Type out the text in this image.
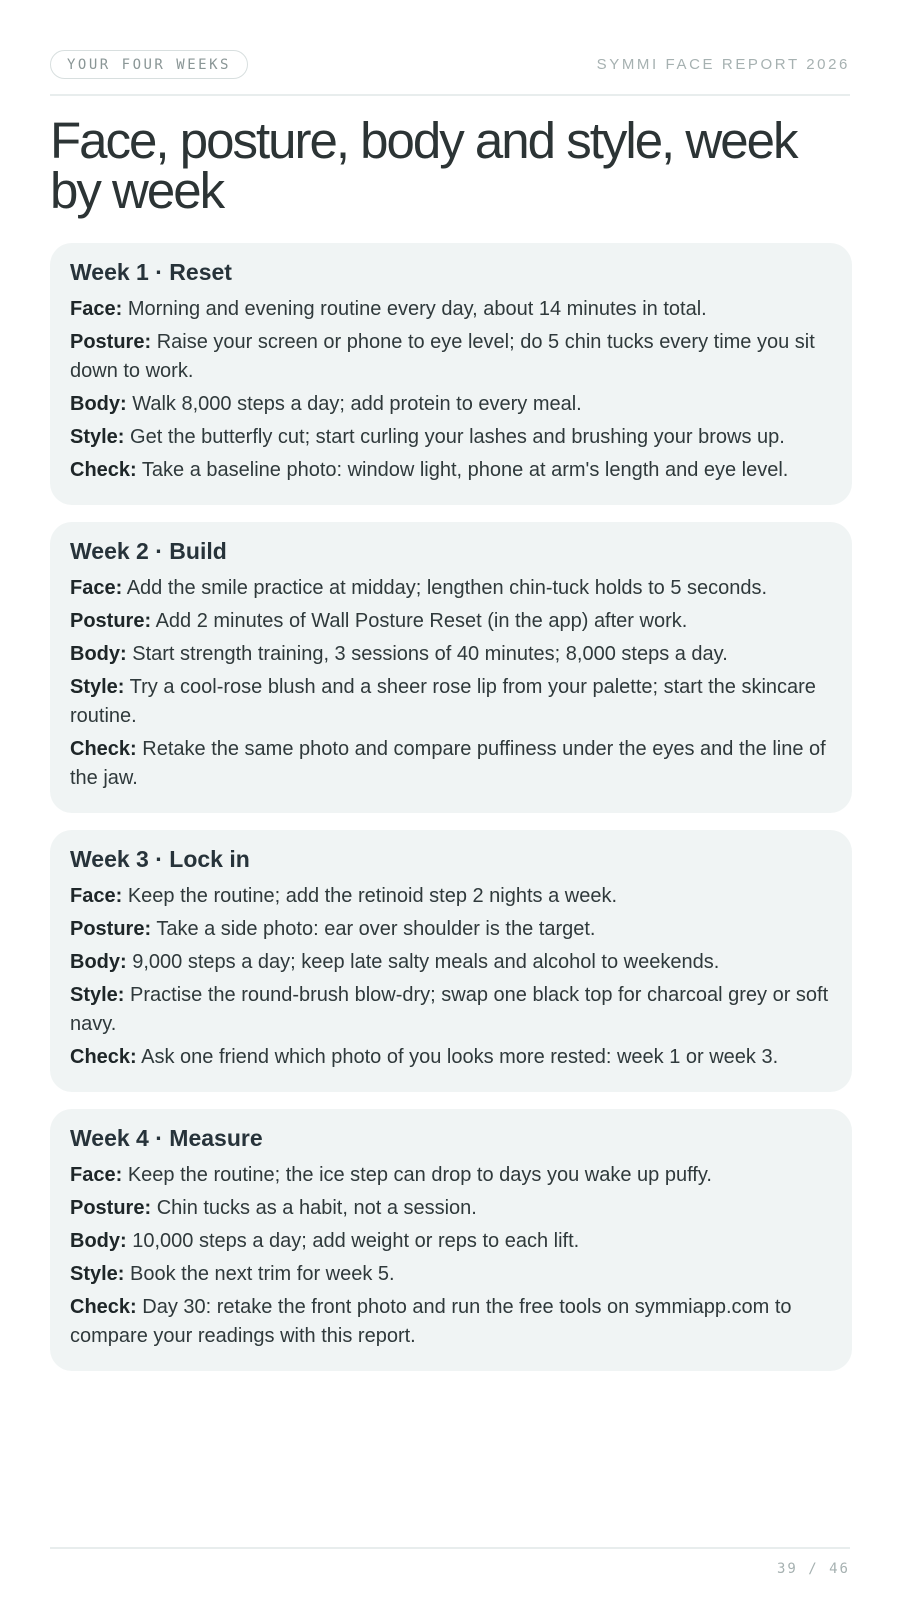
YOUR FOUR WEEKS	SYMMI FACE REPORT 2026
Face, posture, body and style, week by week
Week 1 · Reset

Face: Morning and evening routine every day, about 14 minutes in total.

Posture: Raise your screen or phone to eye level; do 5 chin tucks every time you sit down to work.

Body: Walk 8,000 steps a day; add protein to every meal.

Style: Get the butterfly cut; start curling your lashes and brushing your brows up.

Check: Take a baseline photo: window light, phone at arm's length and eye level.

Week 2 · Build

Face: Add the smile practice at midday; lengthen chin-tuck holds to 5 seconds.

Posture: Add 2 minutes of Wall Posture Reset (in the app) after work.

Body: Start strength training, 3 sessions of 40 minutes; 8,000 steps a day.

Style: Try a cool-rose blush and a sheer rose lip from your palette; start the skincare routine.

Check: Retake the same photo and compare puffiness under the eyes and the line of the jaw.

Week 3 · Lock in

Face: Keep the routine; add the retinoid step 2 nights a week.

Posture: Take a side photo: ear over shoulder is the target.

Body: 9,000 steps a day; keep late salty meals and alcohol to weekends.

Style: Practise the round-brush blow-dry; swap one black top for charcoal grey or soft navy.

Check: Ask one friend which photo of you looks more rested: week 1 or week 3.

Week 4 · Measure

Face: Keep the routine; the ice step can drop to days you wake up puffy.

Posture: Chin tucks as a habit, not a session.

Body: 10,000 steps a day; add weight or reps to each lift.

Style: Book the next trim for week 5.

Check: Day 30: retake the front photo and run the free tools on symmiapp.com to compare your readings with this report.

39 / 46
